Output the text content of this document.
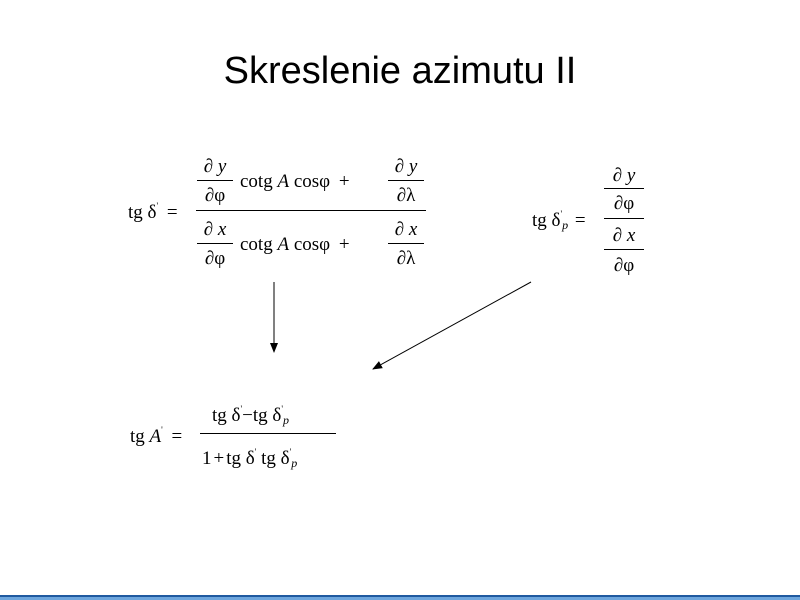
Skreslenie azimutu II
tg δ' =
∂ y
∂φ
cotg A cosφ +
∂ y
∂λ
∂ x
∂φ
cotg A cosφ +
∂ x
∂λ
tg $\delta'_p$ =
∂ y
∂φ
∂ x
∂φ
tg A' =
tg δ'−tg $\delta'_p$
1 + tg δ' tg $\delta'_p$
